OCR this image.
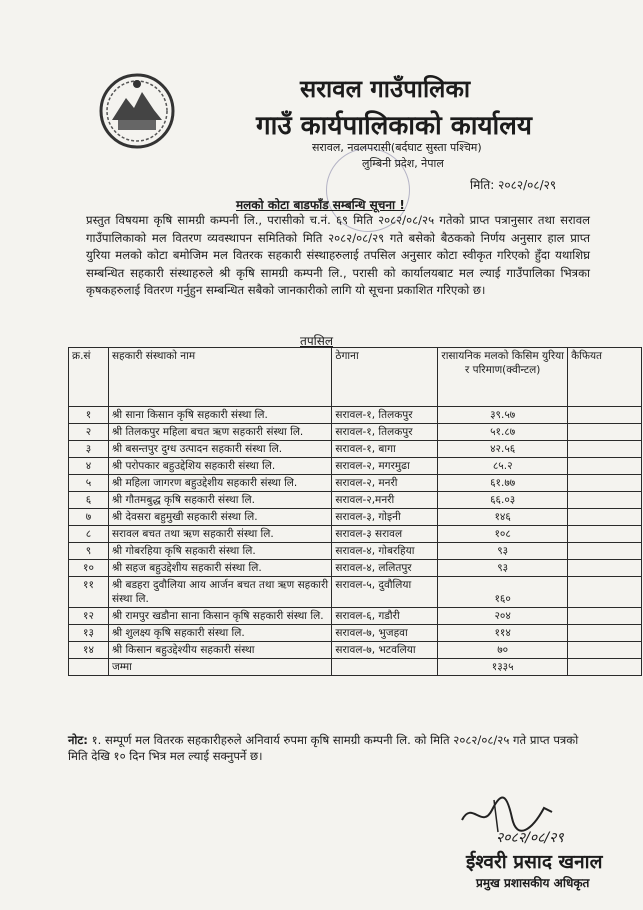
सरावल गाउँपालिका
गाउँ कार्यपालिकाको कार्यालय
सरावल, नवलपरासी(बर्दघाट सुस्ता पश्चिम)
लुम्बिनी प्रदेश, नेपाल
मिति: २०८२/०८/२९
मलको कोटा बाडफाँड सम्बन्धि सूचना !
प्रस्तुत विषयमा कृषि सामग्री कम्पनी लि., परासीको च.नं. ६९ मिति २०८२/०८/२५ गतेको प्राप्त पत्रानुसार तथा सरावल गाउँपालिकाको मल वितरण व्यवस्थापन समितिको मिति २०८२/०८/२९ गते बसेको बैठकको निर्णय अनुसार हाल प्राप्त युरिया मलको कोटा बमोजिम मल वितरक सहकारी संस्थाहरुलाई तपसिल अनुसार कोटा स्वीकृत गरिएको हुँदा यथाशिघ्र सम्बन्धित सहकारी संस्थाहरुले श्री कृषि सामग्री कम्पनी लि., परासी को कार्यालयबाट मल ल्याई गाउँपालिका भित्रका कृषकहरुलाई वितरण गर्नुहुन सम्बन्धित सबैको जानकारीको लागि यो सूचना प्रकाशित गरिएको छ।
तपसिल
क्र.सं	सहकारी संस्थाको नाम	ठेगाना	रासायनिक मलको किसिम युरिया र परिमाण(क्वीन्टल)	कैफियत
१	श्री साना किसान कृषि सहकारी संस्था लि.	सरावल-१, तिलकपुर	३९.५७	
२	श्री तिलकपुर महिला बचत ऋण सहकारी संस्था लि.	सरावल-१, तिलकपुर	५१.८७	
३	श्री बसन्तपुर दुग्ध उत्पादन सहकारी संस्था लि.	सरावल-१, बागा	४२.५६	
४	श्री परोपकार बहुउद्देशिय सहकारी संस्था लि.	सरावल-२, मगरमुढा	८५.२	
५	श्री महिला जागरण बहुउद्देशीय सहकारी संस्था लि.	सरावल-२, मनरी	६१.७७	
६	श्री गौतमबुद्ध कृषि सहकारी संस्था लि.	सरावल-२,मनरी	६६.०३	
७	श्री देवसरा बहुमुखी सहकारी संस्था लि.	सरावल-३, गोइनी	१४६	
८	सरावल बचत तथा ऋण सहकारी संस्था लि.	सरावल-३ सरावल	१०८	
९	श्री गोबरहिया कृषि सहकारी संस्था लि.	सरावल-४, गोबरहिया	९३	
१०	श्री सहज बहुउद्देशीय सहकारी संस्था लि.	सरावल-४, ललितपुर	९३	
११	श्री बडहरा दुवौलिया आय आर्जन बचत तथा ऋण सहकारी संस्था लि.	सरावल-५, दुवौलिया	१६०	
१२	श्री रामपुर खडौना साना किसान कृषि सहकारी संस्था लि.	सरावल-६, गडौरी	२०४	
१३	श्री शुलक्ष्य कृषि सहकारी संस्था लि.	सरावल-७, भुजहवा	११४	
१४	श्री किसान बहुउद्देश्यीय सहकारी संस्था	सरावल-७, भटवलिया	७०	
	जम्मा		१३३५	
नोट: १. सम्पूर्ण मल वितरक सहकारीहरुले अनिवार्य रुपमा कृषि सामग्री कम्पनी लि. को मिति २०८२/०८/२५ गते प्राप्त पत्रको मिति देखि १० दिन भित्र मल ल्याई सक्नुपर्ने छ।
२०८२/०८/२९
ईश्वरी प्रसाद खनाल
प्रमुख प्रशासकीय अधिकृत
